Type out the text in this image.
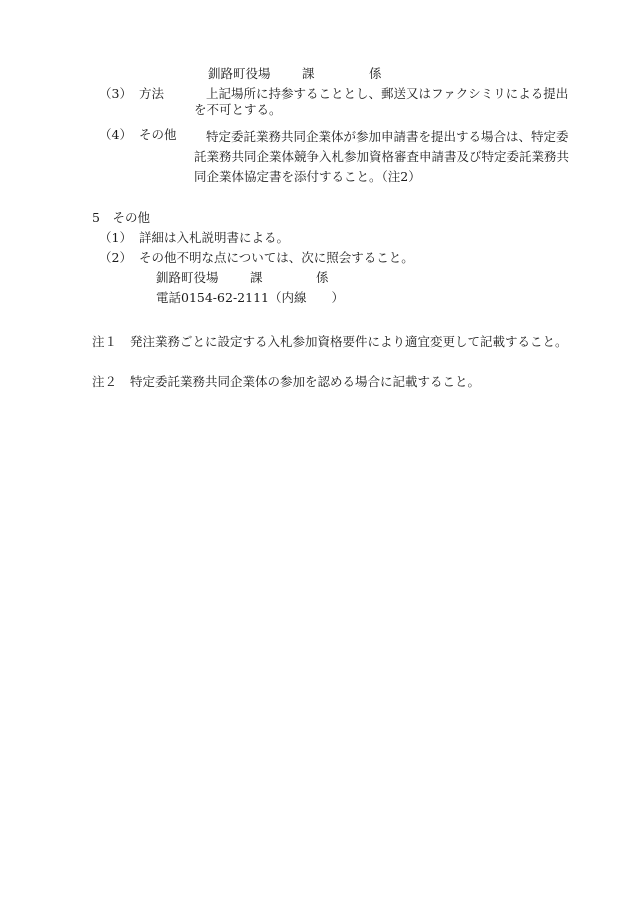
釧路町役場	課	係
（3） 方法	上記場所に持参することとし、郵送又はファクシミリによる提出を不可とする。
（4） その他	特定委託業務共同企業体が参加申請書を提出する場合は、特定委託業務共同企業体競争入札参加資格審査申請書及び特定委託業務共同企業体協定書を添付すること。（注2）
5　その他
（1） 詳細は入札説明書による。
（2） その他不明な点については、次に照会すること。
釧路町役場	課	係
電話0154-62-2111（内線　　）
注１	発注業務ごとに設定する入札参加資格要件により適宜変更して記載すること。
注２ 特定委託業務共同企業体の参加を認める場合に記載すること。
